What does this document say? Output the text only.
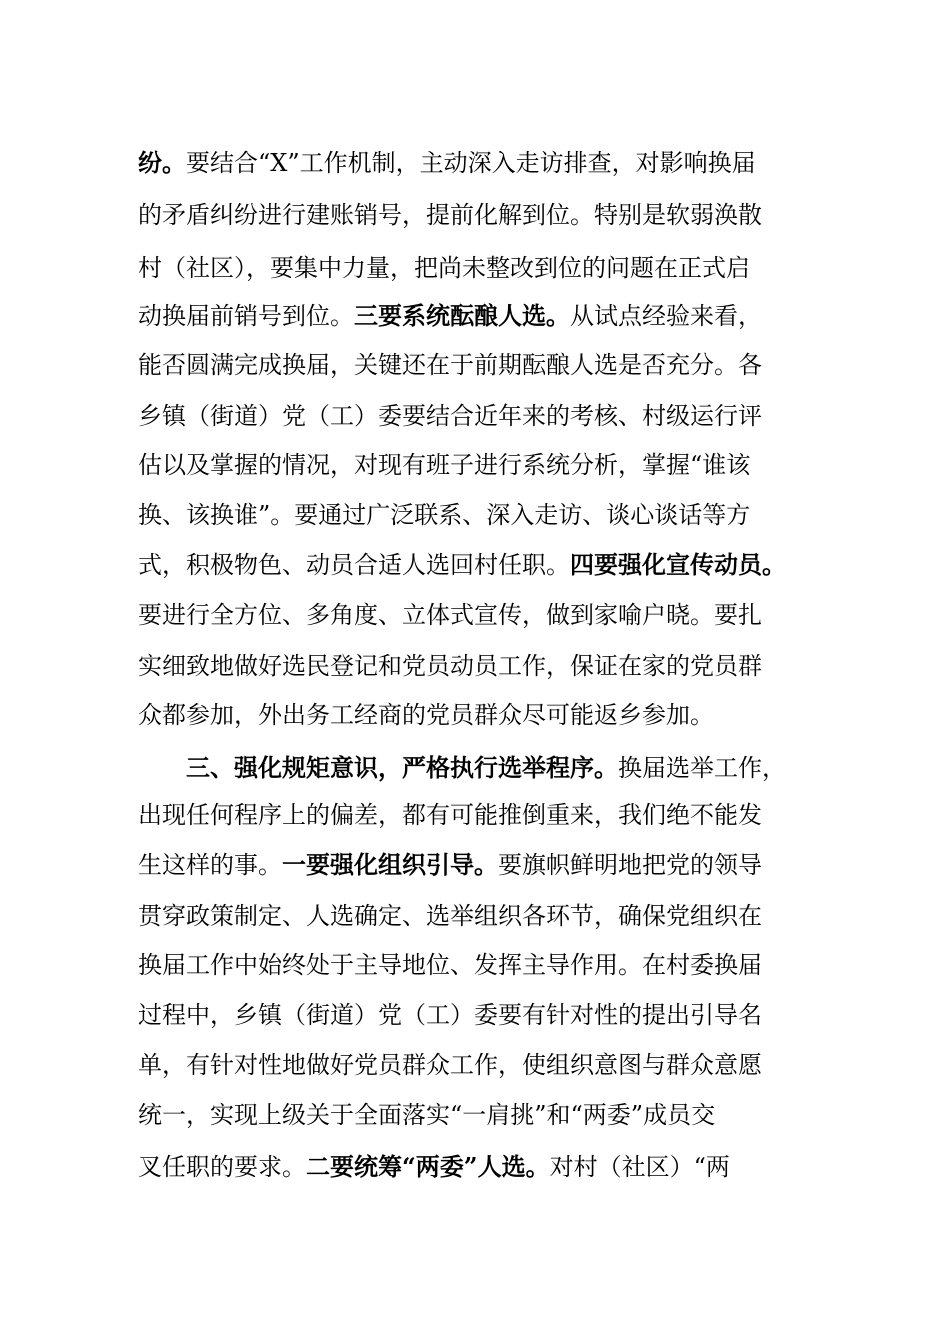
纷。要结合“X”工作机制，主动深入走访排查，对影响换届
的矛盾纠纷进行建账销号，提前化解到位。特别是软弱涣散
村（社区），要集中力量，把尚未整改到位的问题在正式启
动换届前销号到位。三要系统酝酿人选。从试点经验来看，
能否圆满完成换届，关键还在于前期酝酿人选是否充分。各
乡镇（街道）党（工）委要结合近年来的考核、村级运行评
估以及掌握的情况，对现有班子进行系统分析，掌握“谁该
换、该换谁”。要通过广泛联系、深入走访、谈心谈话等方
式，积极物色、动员合适人选回村任职。四要强化宣传动员。
要进行全方位、多角度、立体式宣传，做到家喻户晓。要扎
实细致地做好选民登记和党员动员工作，保证在家的党员群
众都参加，外出务工经商的党员群众尽可能返乡参加。
三、强化规矩意识，严格执行选举程序。换届选举工作，
出现任何程序上的偏差，都有可能推倒重来，我们绝不能发
生这样的事。一要强化组织引导。要旗帜鲜明地把党的领导
贯穿政策制定、人选确定、选举组织各环节，确保党组织在
换届工作中始终处于主导地位、发挥主导作用。在村委换届
过程中，乡镇（街道）党（工）委要有针对性的提出引导名
单，有针对性地做好党员群众工作，使组织意图与群众意愿
统一，实现上级关于全面落实“一肩挑”和“两委”成员交
叉任职的要求。二要统筹“两委”人选。对村（社区）“两
